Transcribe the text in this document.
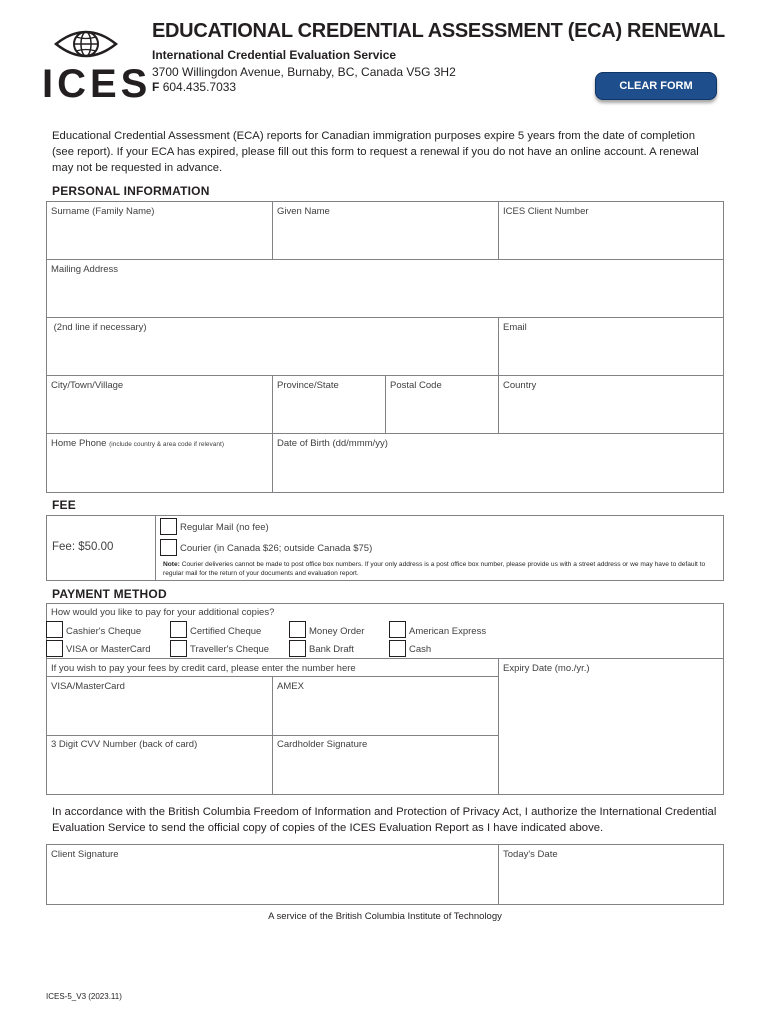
ICES
EDUCATIONAL CREDENTIAL ASSESSMENT (ECA) RENEWAL
International Credential Evaluation Service
3700 Willingdon Avenue, Burnaby, BC, Canada V5G 3H2
F 604.435.7033	CLEAR FORM
Educational Credential Assessment (ECA) reports for Canadian immigration purposes expire 5 years from the date of completion (see report). If your ECA has expired, please fill out this form to request a renewal if you do not have an online account. A renewal may not be requested in advance.
PERSONAL INFORMATION
Surname (Family Name)	Given Name	ICES Client Number
Mailing Address
(2nd line if necessary)	Email
City/Town/Village	Province/State	Postal Code	Country
Home Phone (include country & area code if relevant)	Date of Birth (dd/mmm/yy)
FEE
Fee: $50.00
Regular Mail (no fee)
Courier (in Canada $26; outside Canada $75)
Note: Courier deliveries cannot be made to post office box numbers. If your only address is a post office box number, please provide us with a street address or we may have to default to regular mail for the return of your documents and evaluation report.
PAYMENT METHOD
How would you like to pay for your additional copies?
Cashier's Cheque	Certified Cheque	Money Order	American Express
VISA or MasterCard	Traveller's Cheque	Bank Draft	Cash
If you wish to pay your fees by credit card, please enter the number here	Expiry Date (mo./yr.)
VISA/MasterCard	AMEX
3 Digit CVV Number (back of card)	Cardholder Signature
In accordance with the British Columbia Freedom of Information and Protection of Privacy Act, I authorize the International Credential Evaluation Service to send the official copy of copies of the ICES Evaluation Report as I have indicated above.
Client Signature	Today's Date
A service of the British Columbia Institute of Technology
ICES-5_V3 (2023.11)
